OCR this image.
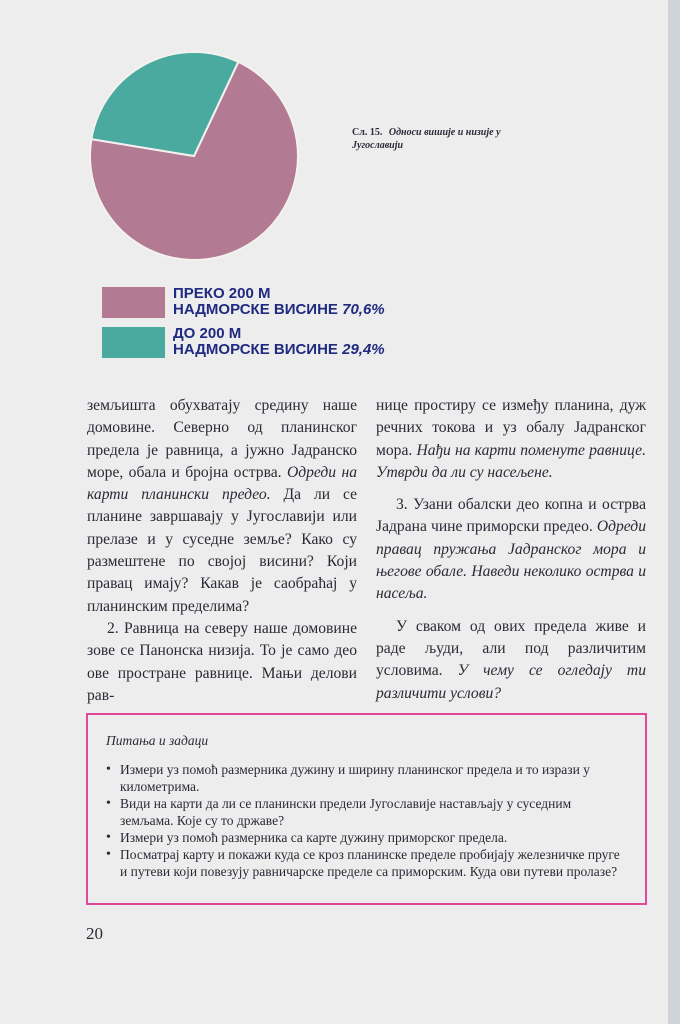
Сл. 15. Односи вишије и низије у Југославији
ПРЕКО 200 М
НАДМОРСКЕ ВИСИНЕ 70,6%
ДО 200 М
НАДМОРСКЕ ВИСИНЕ 29,4%

земљишта обухватају средину наше домовине. Северно од планинског предела је равница, а јужно Јадранско море, обала и бројна острва. Одреди на карти планински предео. Да ли се планине завршавају у Југославији или прелазе и у суседне земље? Како су размештене по својој висини? Који правац имају? Какав је саобраћај у планинским пределима?

2. Равница на северу наше домовине зове се Панонска низија. То је само део ове простране равнице. Мањи делови рав-

нице простиру се између планина, дуж речних токова и уз обалу Јадранског мора. Нађи на карти поменуте равнице. Утврди да ли су насељене.

3. Узани обалски део копна и острва Јадрана чине приморски предео. Одреди правац пружања Јадранског мора и његове обале. Наведи неколико острва и насеља.

У сваком од ових предела живе и раде људи, али под различитим условима. У чему се огледају ти различити услови?

Питања и задаци
• Измери уз помоћ размерника дужину и ширину планинског предела и то изрази у километрима.
• Види на карти да ли се планински предели Југославије настављају у суседним земљама. Које су то државе?
• Измери уз помоћ размерника са карте дужину приморског предела.
• Посматрај карту и покажи куда се кроз планинске пределе пробијају железничке пруге и путеви који повезују равничарске пределе са приморским. Куда ови путеви пролазе?
20
